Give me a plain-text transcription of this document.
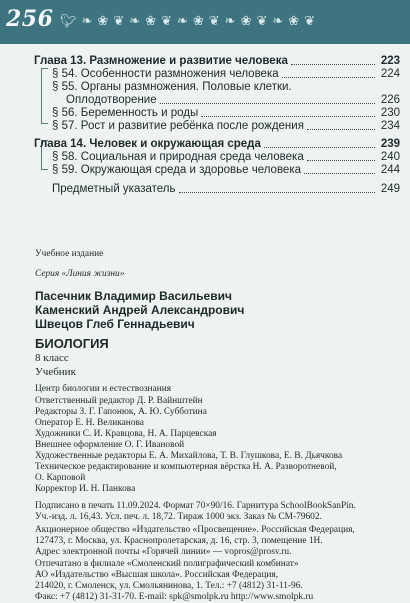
256 🐦︎ ❧ ❀ ❦ ❧ ❀ ❦ ❧ ❀ ❦ ❧ ❀ ❦ ❧ ❀ ❦
Глава 13. Размножение и развитие человека	223
§ 54. Особенности размножения человека	224
§ 55. Органы размножения. Половые клетки.
Оплодотворение	226
§ 56. Беременность и роды	230
§ 57. Рост и развитие ребёнка после рождения	234
Глава 14. Человек и окружающая среда	239
§ 58. Социальная и природная среда человека	240
§ 59. Окружающая среда и здоровье человека	244
Предметный указатель	249
Учебное издание
Серия «Линия жизни»
Пасечник Владимир Васильевич
Каменский Андрей Александрович
Швецов Глеб Геннадьевич
БИОЛОГИЯ
8 класс
Учебник
Центр биологии и естествознания
Ответственный редактор Д. Р. Вайнштейн
Редакторы З. Г. Гапонюк, А. Ю. Субботина
Оператор Е. Н. Великанова
Художники С. И. Кравцова, Н. А. Парцевская
Внешнее оформление О. Г. Ивановой
Художественные редакторы Е. А. Михайлова, Т. В. Глушкова, Е. В. Дьячкова
Техническое редактирование и компьютерная вёрстка Н. А. Разворотневой,
О. Карповой
Корректор И. Н. Панкова
Подписано в печать 11.09.2024. Формат 70×90/16. Гарнитура SchoolBookSanPin.
Уч.-изд. л. 16,43. Усл. печ. л. 18,72. Тираж 1000 экз. Заказ № СМ-79602.
Акционерное общество «Издательство «Просвещение». Российская Федерация,
127473, г. Москва, ул. Краснопролетарская, д. 16, стр. 3, помещение 1Н.
Адрес электронной почты «Горячей линии» — vopros@prosv.ru.
Отпечатано в филиале «Смоленский полиграфический комбинат»
АО «Издательство «Высшая школа». Российская Федерация,
214020, г. Смоленск, ул. Смольянинова, 1. Тел.: +7 (4812) 31-11-96.
Факс: +7 (4812) 31-31-70. E-mail: spk@smolpk.ru http://www.smolpk.ru
